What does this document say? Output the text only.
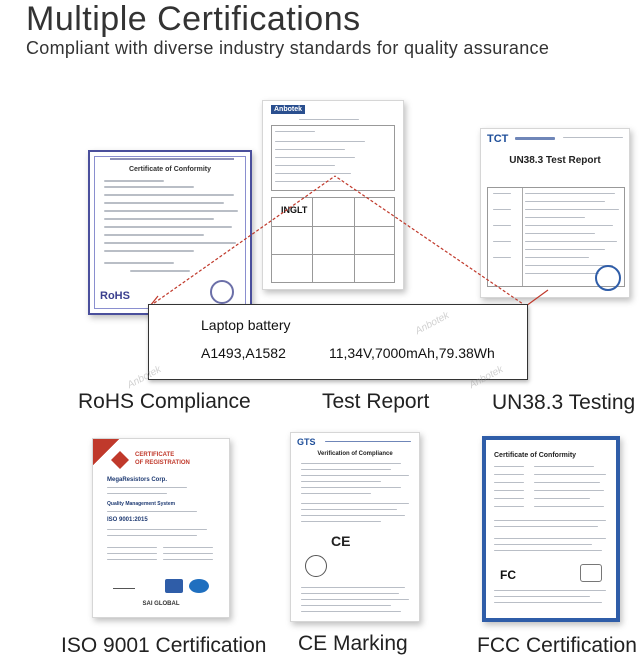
Multiple Certifications
Compliant with diverse industry standards for quality assurance
Certificate of Conformity
RoHS
Anbotek
INGLT
TCT
UN38.3 Test Report
Laptop battery
A1493,A1582	11,34V,7000mAh,79.38Wh
Anbotek
Anbotek
Anbotek
RoHS Compliance	Test Report	UN38.3 Testing
CERTIFICATE
OF REGISTRATION
MegaResistors Corp.
Quality Management System
ISO 9001:2015
SAI GLOBAL
GTS
Verification of Compliance
CE
Certificate of Conformity
FC
ISO 9001 Certification CE Marking	FCC Certification
